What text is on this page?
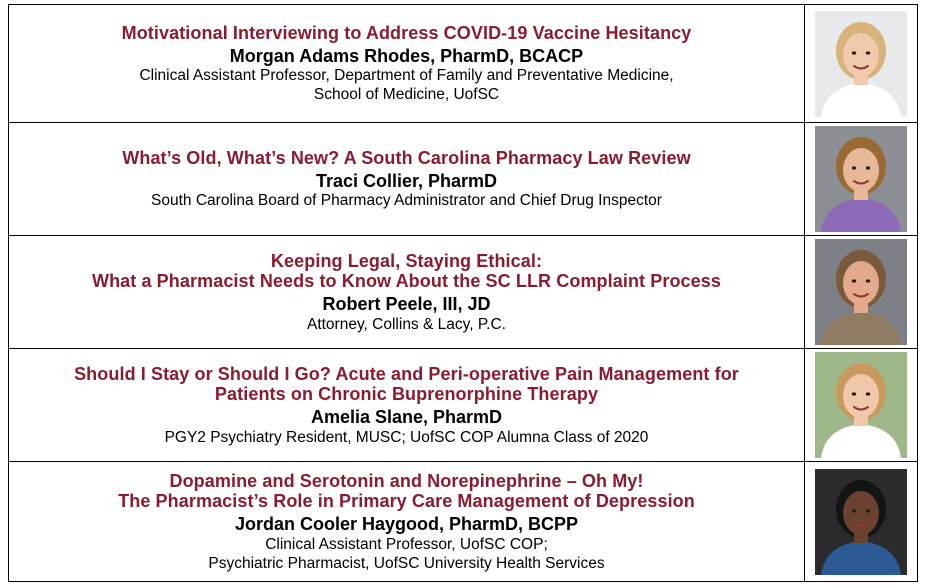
Motivational Interviewing to Address COVID-19 Vaccine Hesitancy
Morgan Adams Rhodes, PharmD, BCACP
Clinical Assistant Professor, Department of Family and Preventative Medicine,
School of Medicine, UofSC

What’s Old, What’s New? A South Carolina Pharmacy Law Review
Traci Collier, PharmD
South Carolina Board of Pharmacy Administrator and Chief Drug Inspector

Keeping Legal, Staying Ethical:
What a Pharmacist Needs to Know About the SC LLR Complaint Process
Robert Peele, III, JD
Attorney, Collins & Lacy, P.C.

Should I Stay or Should I Go? Acute and Peri-operative Pain Management for
Patients on Chronic Buprenorphine Therapy
Amelia Slane, PharmD
PGY2 Psychiatry Resident, MUSC; UofSC COP Alumna Class of 2020

Dopamine and Serotonin and Norepinephrine – Oh My!
The Pharmacist’s Role in Primary Care Management of Depression
Jordan Cooler Haygood, PharmD, BCPP
Clinical Assistant Professor, UofSC COP;
Psychiatric Pharmacist, UofSC University Health Services
